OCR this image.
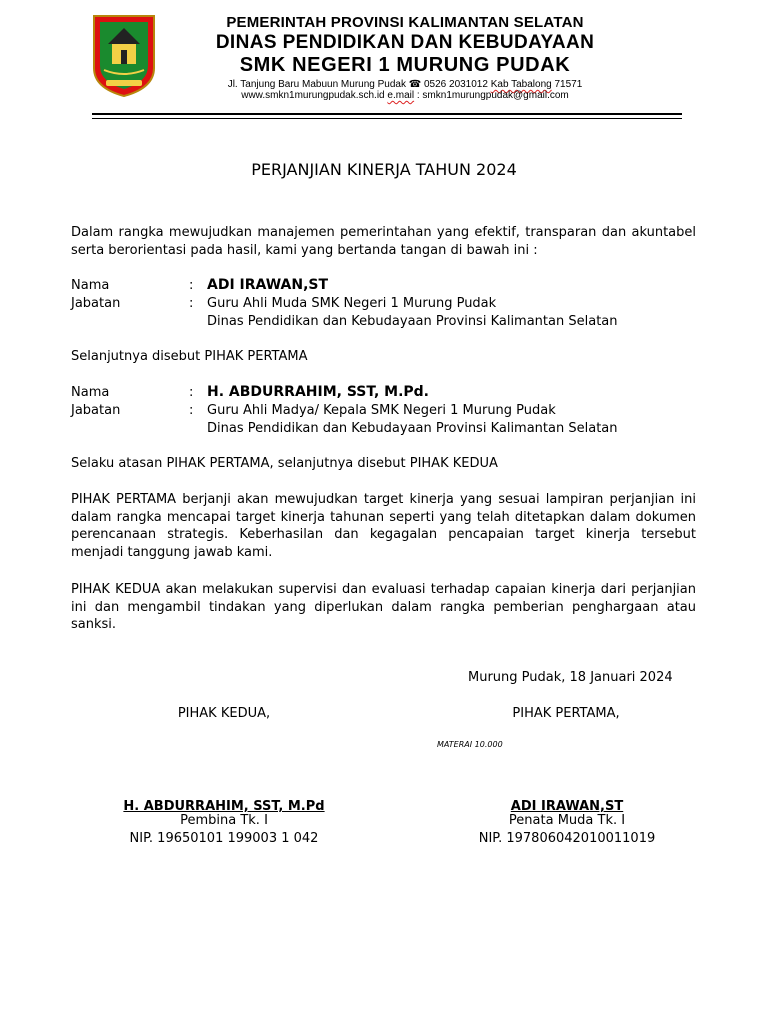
PEMERINTAH PROVINSI KALIMANTAN SELATAN
DINAS PENDIDIKAN DAN KEBUDAYAAN
SMK NEGERI 1 MURUNG PUDAK
Jl. Tanjung Baru Mabuun Murung Pudak ☎ 0526 2031012 Kab Tabalong 71571
www.smkn1murungpudak.sch.id e.mail : smkn1murungpudak@gmail.com
PERJANJIAN KINERJA TAHUN 2024
Dalam rangka mewujudkan manajemen pemerintahan yang efektif, transparan dan akuntabel serta berorientasi pada hasil, kami yang bertanda tangan di bawah ini :
Nama	: ADI IRAWAN,ST
Jabatan	: Guru Ahli Muda SMK Negeri 1 Murung Pudak
Dinas Pendidikan dan Kebudayaan Provinsi Kalimantan Selatan
Selanjutnya disebut PIHAK PERTAMA
Nama	: H. ABDURRAHIM, SST, M.Pd.
Jabatan	: Guru Ahli Madya/ Kepala SMK Negeri 1 Murung Pudak
Dinas Pendidikan dan Kebudayaan Provinsi Kalimantan Selatan
Selaku atasan PIHAK PERTAMA, selanjutnya disebut PIHAK KEDUA
PIHAK PERTAMA berjanji akan mewujudkan target kinerja yang sesuai lampiran perjanjian ini dalam rangka mencapai target kinerja tahunan seperti yang telah ditetapkan dalam dokumen perencanaan strategis. Keberhasilan dan kegagalan pencapaian target kinerja tersebut menjadi tanggung jawab kami.
PIHAK KEDUA akan melakukan supervisi dan evaluasi terhadap capaian kinerja dari perjanjian ini dan mengambil tindakan yang diperlukan dalam rangka pemberian penghargaan atau sanksi.
Murung Pudak, 18 Januari 2024
PIHAK KEDUA,	PIHAK PERTAMA,
MATERAI 10.000
H. ABDURRAHIM, SST, M.Pd
Pembina Tk. I
NIP. 19650101 199003 1 042
ADI IRAWAN,ST
Penata Muda Tk. I
NIP. 197806042010011019
